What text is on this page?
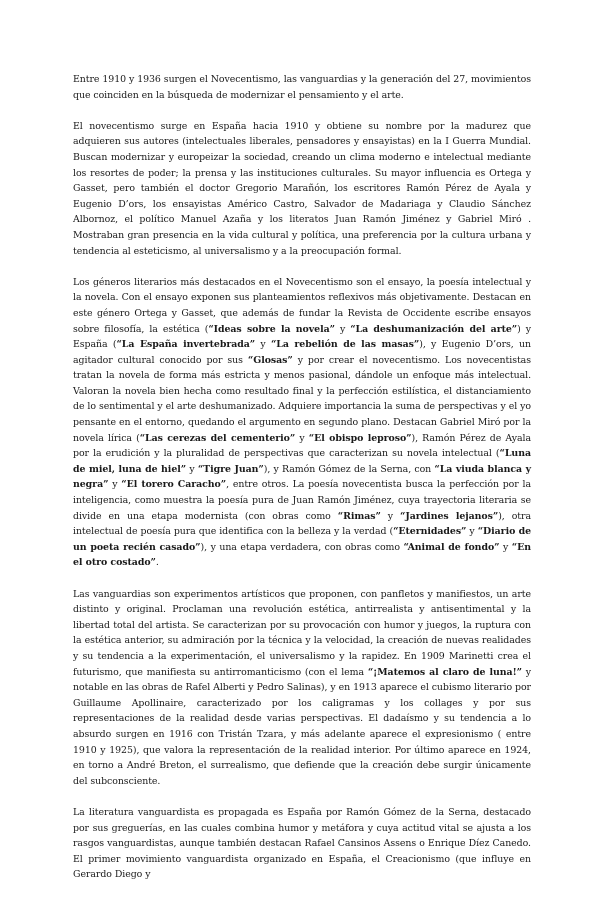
Entre 1910 y 1936 surgen el Novecentismo, las vanguardias y la generación del 27, movimientos que coinciden en la búsqueda de modernizar el pensamiento y el arte.

El novecentismo surge en España hacia 1910 y obtiene su nombre por la madurez que adquieren sus autores (intelectuales liberales, pensadores y ensayistas) en la I Guerra Mundial. Buscan modernizar y europeizar la sociedad, creando un clima moderno e intelectual mediante los resortes de poder; la prensa y las instituciones culturales. Su mayor influencia es Ortega y Gasset, pero también el doctor Gregorio Marañón, los escritores Ramón Pérez de Ayala y Eugenio D’ors, los ensayistas Américo Castro, Salvador de Madariaga y Claudio Sánchez Albornoz, el político Manuel Azaña y los literatos Juan Ramón Jiménez y Gabriel Miró . Mostraban gran presencia en la vida cultural y política, una preferencia por la cultura urbana y tendencia al esteticismo, al universalismo y a la preocupación formal.

Los géneros literarios más destacados en el Novecentismo son el ensayo, la poesía intelectual y la novela. Con el ensayo exponen sus planteamientos reflexivos más objetivamente. Destacan en este género Ortega y Gasset, que además de fundar la Revista de Occidente escribe ensayos sobre filosofía, la estética (“Ideas sobre la novela” y “La deshumanización del arte”) y España (“La España invertebrada” y “La rebelión de las masas”), y Eugenio D’ors, un agitador cultural conocido por sus “Glosas” y por crear el novecentismo. Los novecentistas tratan la novela de forma más estricta y menos pasional, dándole un enfoque más intelectual. Valoran la novela bien hecha como resultado final y la perfección estilística, el distanciamiento de lo sentimental y el arte deshumanizado. Adquiere importancia la suma de perspectivas y el yo pensante en el entorno, quedando el argumento en segundo plano. Destacan Gabriel Miró por la novela lírica (“Las cerezas del cementerio” y “El obispo leproso”), Ramón Pérez de Ayala por la erudición y la pluralidad de perspectivas que caracterizan su novela intelectual (“Luna de miel, luna de hiel” y “Tigre Juan”), y Ramón Gómez de la Serna, con “La viuda blanca y negra” y “El torero Caracho”, entre otros. La poesía novecentista busca la perfección por la inteligencia, como muestra la poesía pura de Juan Ramón Jiménez, cuya trayectoria literaria se divide en una etapa modernista (con obras como “Rimas” y “Jardines lejanos”), otra intelectual de poesía pura que identifica con la belleza y la verdad (“Eternidades” y “Diario de un poeta recién casado”), y una etapa verdadera, con obras como “Animal de fondo” y “En el otro costado”.

Las vanguardias son experimentos artísticos que proponen, con panfletos y manifiestos, un arte distinto y original. Proclaman una revolución estética, antirrealista y antisentimental y la libertad total del artista. Se caracterizan por su provocación con humor y juegos, la ruptura con la estética anterior, su admiración por la técnica y la velocidad, la creación de nuevas realidades y su tendencia a la experimentación, el universalismo y la rapidez. En 1909 Marinetti crea el futurismo, que manifiesta su antirromanticismo (con el lema “¡Matemos al claro de luna!” y notable en las obras de Rafel Alberti y Pedro Salinas), y en 1913 aparece el cubismo literario por Guillaume Apollinaire, caracterizado por los caligramas y los collages y por sus representaciones de la realidad desde varias perspectivas. El dadaísmo y su tendencia a lo absurdo surgen en 1916 con Tristán Tzara, y más adelante aparece el expresionismo ( entre 1910 y 1925), que valora la representación de la realidad interior. Por último aparece en 1924, en torno a André Breton, el surrealismo, que defiende que la creación debe surgir únicamente del subconsciente.

La literatura vanguardista es propagada es España por Ramón Gómez de la Serna, destacado por sus greguerías, en las cuales combina humor y metáfora y cuya actitud vital se ajusta a los rasgos vanguardistas, aunque también destacan Rafael Cansinos Assens o Enrique Díez Canedo. El primer movimiento vanguardista organizado en España, el Creacionismo (que influye en Gerardo Diego y
